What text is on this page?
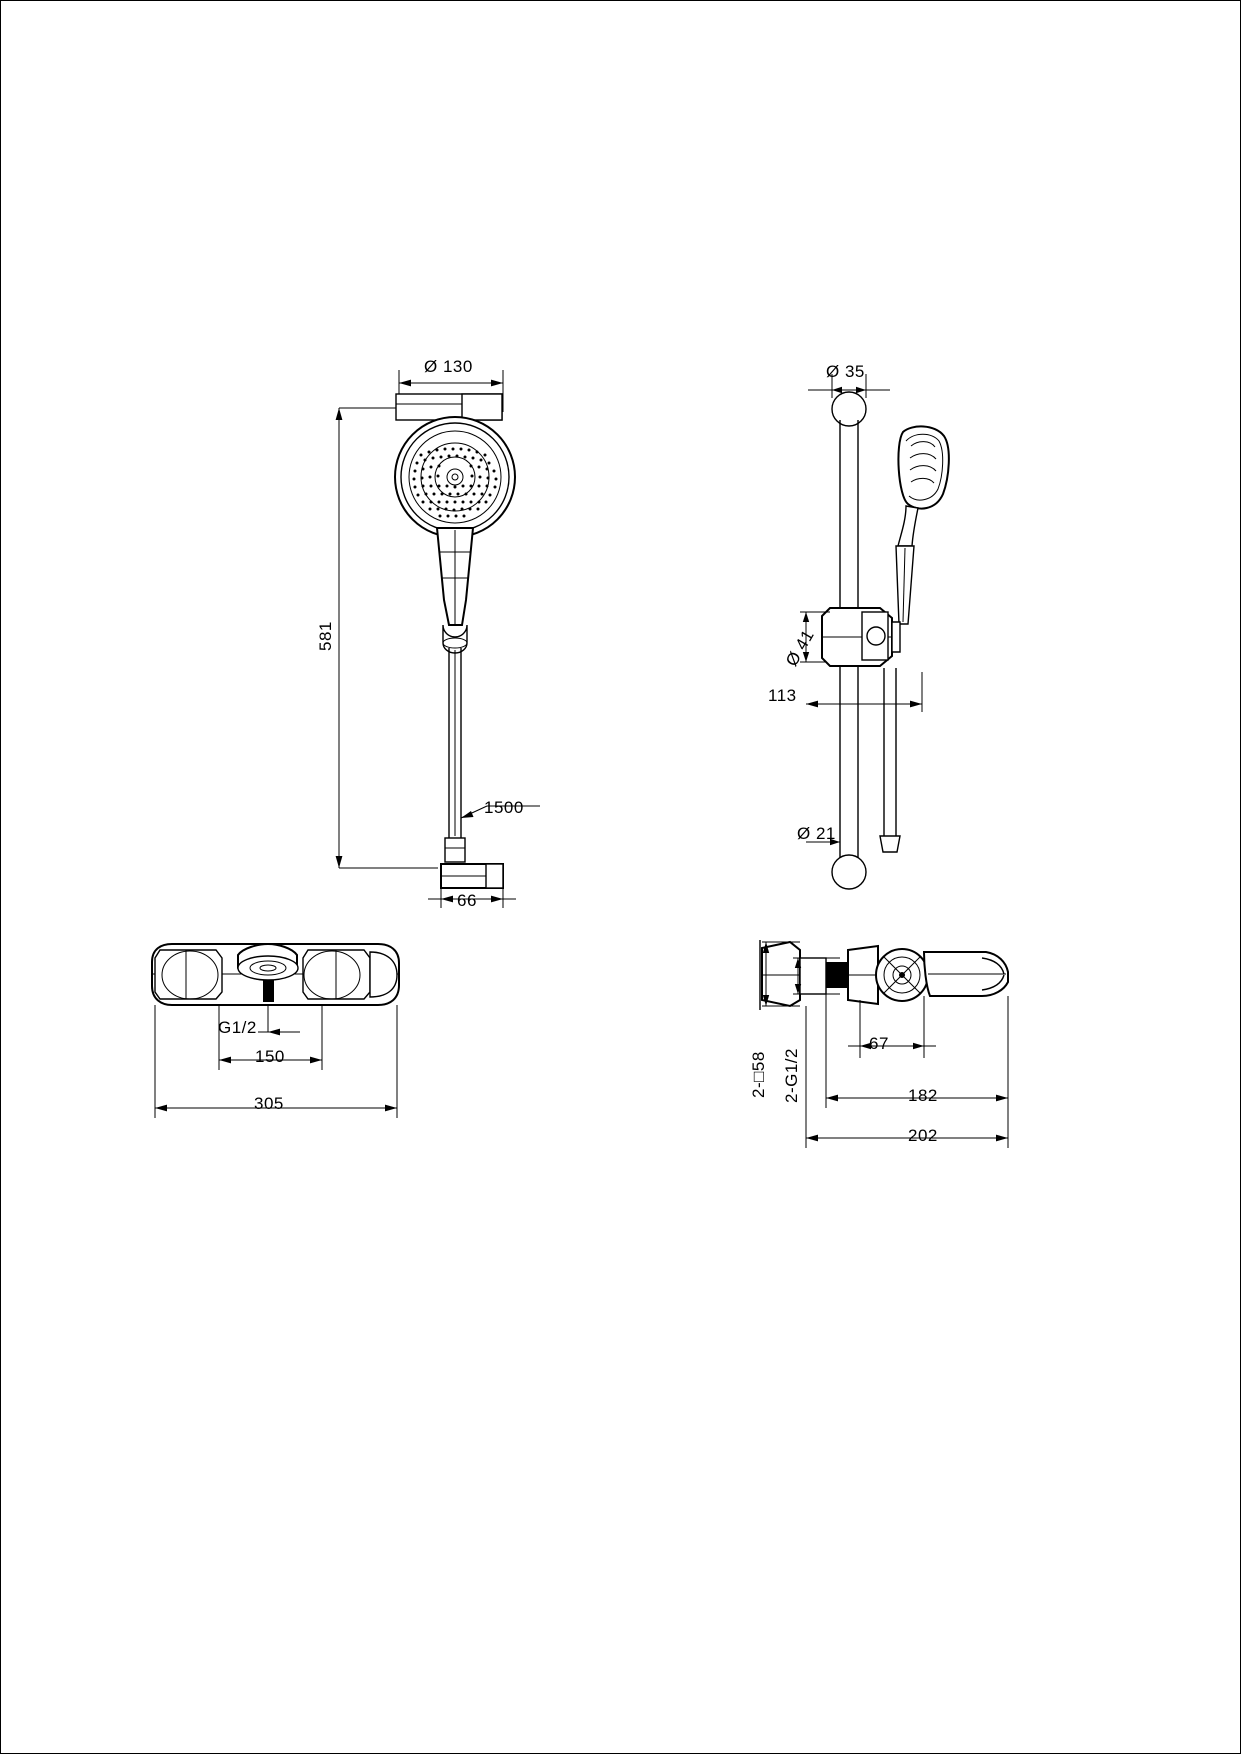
Ø 130
581
1500
66
Ø 35
Ø 41
113
Ø 21
G1/2
150
305
2-□58 2-G1/2
67
182
202
